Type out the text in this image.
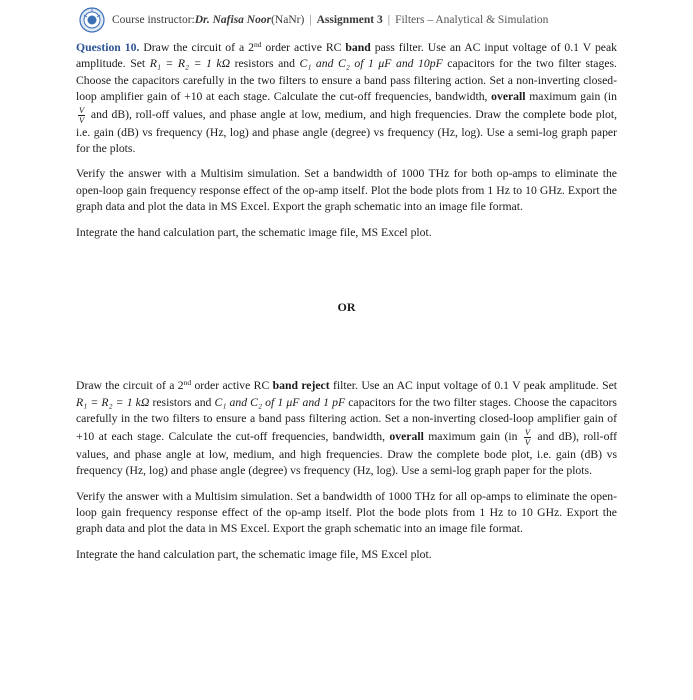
Course instructor: Dr. Nafisa Noor (NaNr) | Assignment 3 | Filters – Analytical & Simulation

Question 10. Draw the circuit of a 2nd order active RC band pass filter. Use an AC input voltage of 0.1 V peak amplitude. Set R₁ = R₂ = 1 kΩ resistors and C₁ and C₂ of 1 μF and 10pF capacitors for the two filter stages. Choose the capacitors carefully in the two filters to ensure a band pass filtering action. Set a non-inverting closed-loop amplifier gain of +10 at each stage. Calculate the cut-off frequencies, bandwidth, overall maximum gain (in
$\frac{V}{V}$ and dB), roll-off values, and phase angle at low, medium, and high frequencies. Draw the complete bode plot, i.e. gain (dB) vs frequency (Hz, log) and phase angle (degree) vs frequency (Hz, log). Use a semi-log graph paper for the plots.

Verify the answer with a Multisim simulation. Set a bandwidth of 1000 THz for both op-amps to eliminate the open-loop gain frequency response effect of the op-amp itself. Plot the bode plots from 1 Hz to 10 GHz. Export the graph data and plot the data in MS Excel. Export the graph schematic into an image file format.

Integrate the hand calculation part, the schematic image file, MS Excel plot.

OR

Draw the circuit of a 2nd order active RC band reject filter. Use an AC input voltage of 0.1 V peak amplitude. Set R₁ = R₂ = 1 kΩ resistors and C₁ and C₂ of 1 μF and 1 pF capacitors for the two filter stages. Choose the capacitors carefully in the two filters to ensure a band pass filtering action. Set a non-inverting closed-loop amplifier gain of +10 at each stage. Calculate the cut-off frequencies, bandwidth, overall maximum gain ($in \frac{V}{V}$ and dB), roll-off values, and phase angle at low, medium, and high frequencies. Draw the complete bode plot, i.e. gain (dB) vs frequency (Hz, log) and phase angle (degree) vs frequency (Hz, log). Use a semi-log graph paper for the plots.

Verify the answer with a Multisim simulation. Set a bandwidth of 1000 THz for all op-amps to eliminate the open-loop gain frequency response effect of the op-amp itself. Plot the bode plots from 1 Hz to 10 GHz. Export the graph data and plot the data in MS Excel. Export the graph schematic into an image file format.

Integrate the hand calculation part, the schematic image file, MS Excel plot.
